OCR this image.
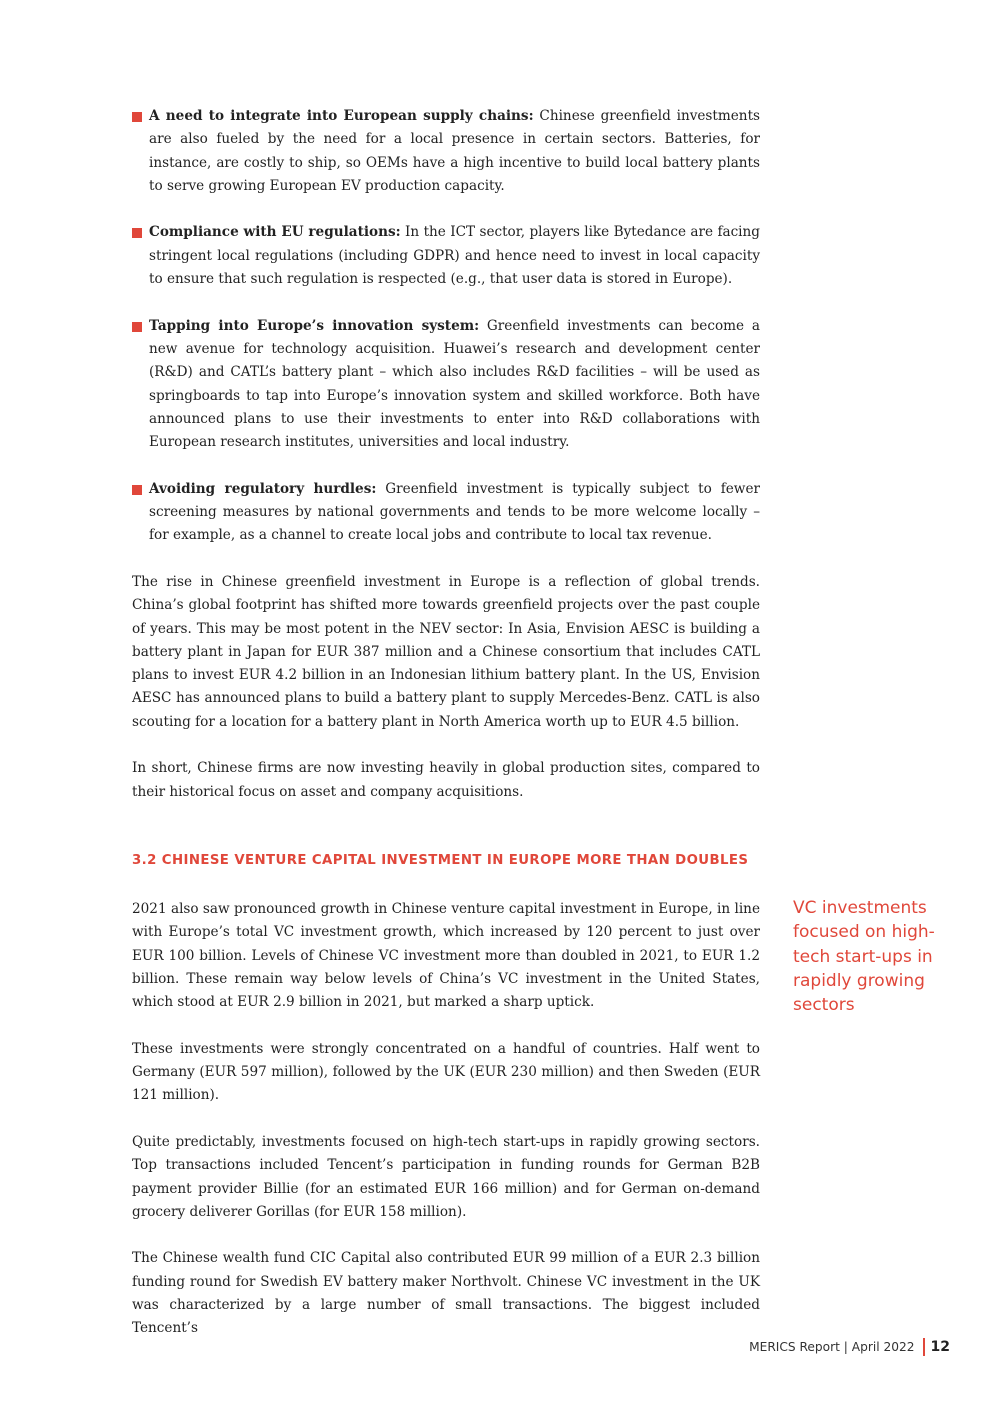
A need to integrate into European supply chains: Chinese greenfield investments are also fueled by the need for a local presence in certain sectors. Batteries, for instance, are costly to ship, so OEMs have a high incentive to build local battery plants to serve growing European EV production capacity.
Compliance with EU regulations: In the ICT sector, players like Bytedance are facing stringent local regulations (including GDPR) and hence need to invest in local capacity to ensure that such regulation is respected (e.g., that user data is stored in Europe).
Tapping into Europe’s innovation system: Greenfield investments can become a new avenue for technology acquisition. Huawei’s research and development center (R&D) and CATL’s battery plant – which also includes R&D facilities – will be used as springboards to tap into Europe’s innovation system and skilled workforce. Both have announced plans to use their investments to enter into R&D collaborations with European research institutes, universities and local industry.
Avoiding regulatory hurdles: Greenfield investment is typically subject to fewer screening measures by national governments and tends to be more welcome locally – for example, as a channel to create local jobs and contribute to local tax revenue.

The rise in Chinese greenfield investment in Europe is a reflection of global trends. China’s global footprint has shifted more towards greenfield projects over the past couple of years. This may be most potent in the NEV sector: In Asia, Envision AESC is building a battery plant in Japan for EUR 387 million and a Chinese consortium that includes CATL plans to invest EUR 4.2 billion in an Indonesian lithium battery plant. In the US, Envision AESC has announced plans to build a battery plant to supply Mercedes-Benz. CATL is also scouting for a location for a battery plant in North America worth up to EUR 4.5 billion.

In short, Chinese firms are now investing heavily in global production sites, compared to their historical focus on asset and company acquisitions.

3.2 CHINESE VENTURE CAPITAL INVESTMENT IN EUROPE MORE THAN DOUBLES

2021 also saw pronounced growth in Chinese venture capital investment in Europe, in line with Europe’s total VC investment growth, which increased by 120 percent to just over EUR 100 billion. Levels of Chinese VC investment more than doubled in 2021, to EUR 1.2 billion. These remain way below levels of China’s VC investment in the United States, which stood at EUR 2.9 billion in 2021, but marked a sharp uptick.

These investments were strongly concentrated on a handful of countries. Half went to Germany (EUR 597 million), followed by the UK (EUR 230 million) and then Sweden (EUR 121 million).

Quite predictably, investments focused on high-tech start-ups in rapidly growing sectors. Top transactions included Tencent’s participation in funding rounds for German B2B payment provider Billie (for an estimated EUR 166 million) and for German on-demand grocery deliverer Gorillas (for EUR 158 million).

The Chinese wealth fund CIC Capital also contributed EUR 99 million of a EUR 2.3 billion funding round for Swedish EV battery maker Northvolt. Chinese VC investment in the UK was characterized by a large number of small transactions. The biggest included Tencent’s

VC investments focused on high-tech start-ups in rapidly growing sectors
MERICS Report | April 2022 12
